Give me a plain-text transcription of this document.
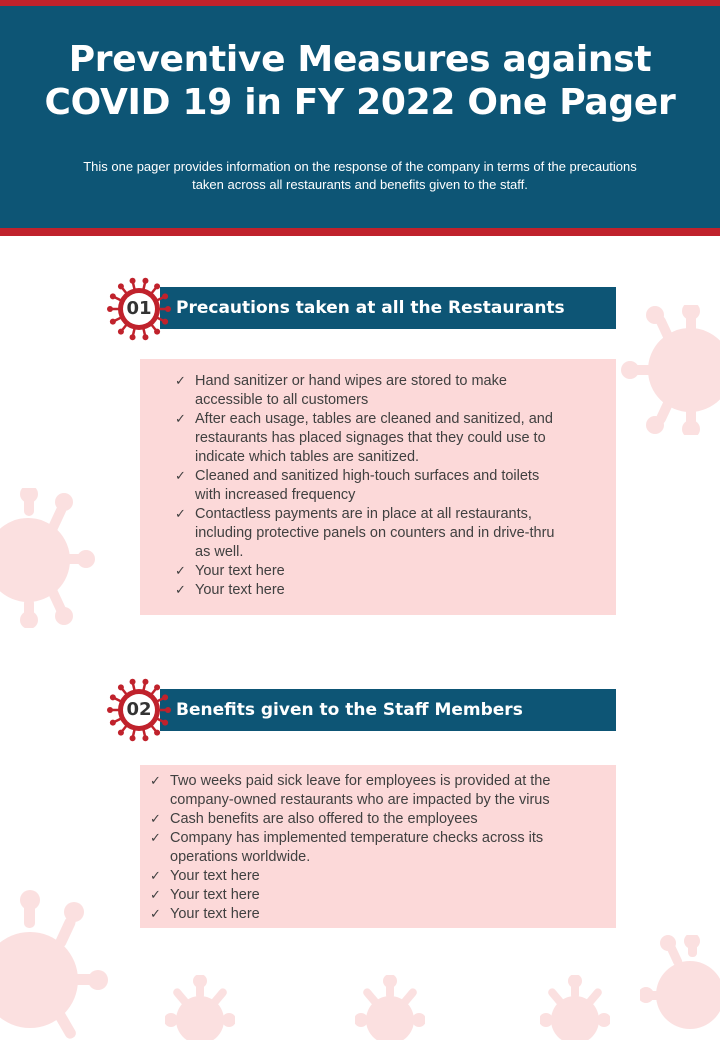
Preventive Measures against
COVID 19 in FY 2022 One Pager

This one pager provides information on the response of the company in terms of the precautions
taken across all restaurants and benefits given to the staff.

Precautions taken at all the Restaurants
01
✓ Hand sanitizer or hand wipes are stored to make
accessible to all customers
✓ After each usage, tables are cleaned and sanitized, and
restaurants has placed signages that they could use to
indicate which tables are sanitized.
✓ Cleaned and sanitized high-touch surfaces and toilets
with increased frequency
✓ Contactless payments are in place at all restaurants,
including protective panels on counters and in drive-thru
as well.
✓ Your text here
✓ Your text here
Benefits given to the Staff Members
02
✓ Two weeks paid sick leave for employees is provided at the
company-owned restaurants who are impacted by the virus
✓ Cash benefits are also offered to the employees
✓ Company has implemented temperature checks across its
operations worldwide.
✓ Your text here
✓ Your text here
✓ Your text here
